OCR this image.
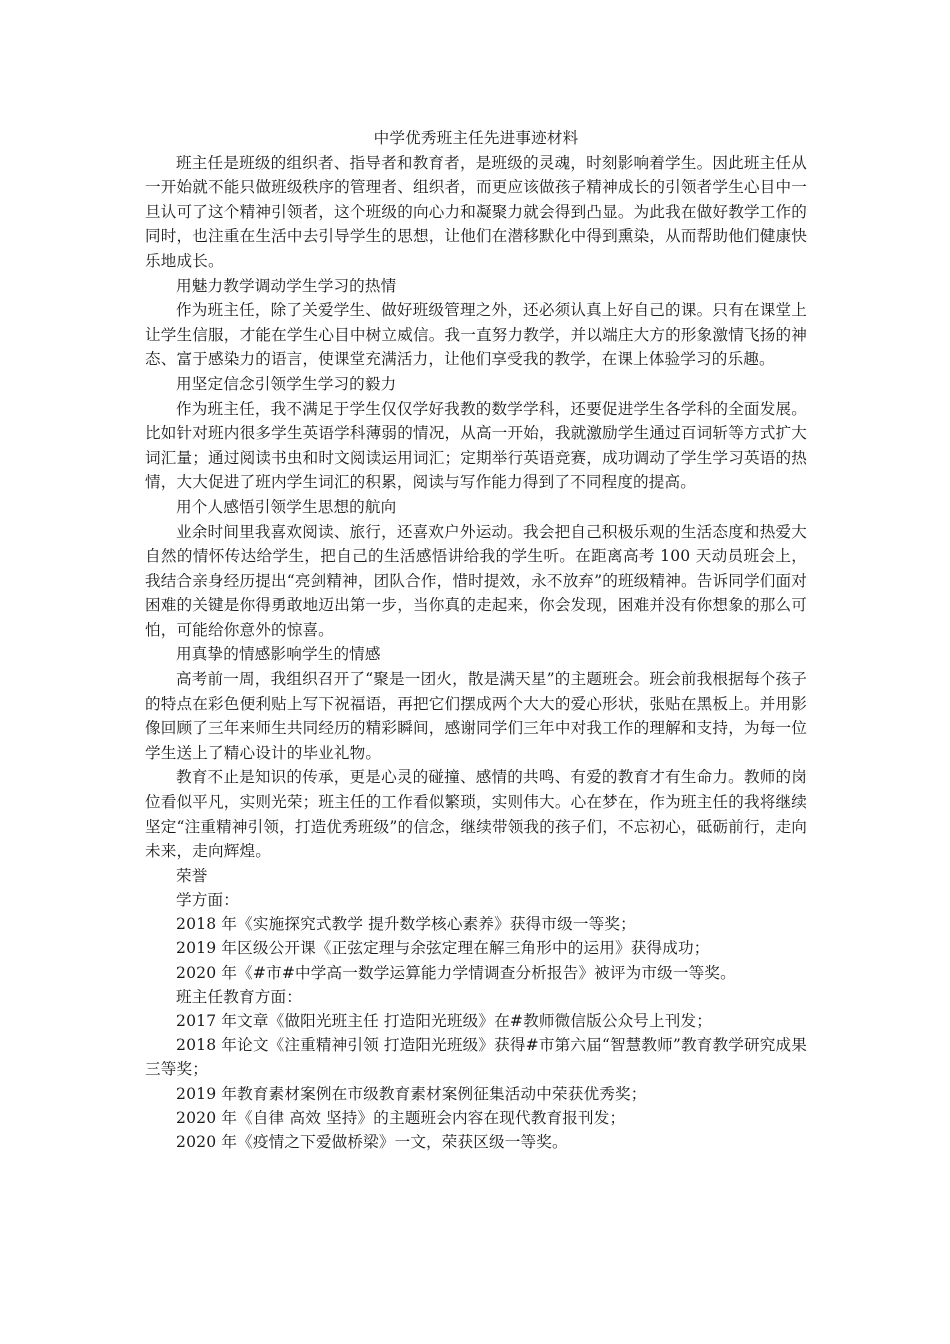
中学优秀班主任先进事迹材料

班主任是班级的组织者、指导者和教育者，是班级的灵魂，时刻影响着学生。因此班主任从一开始就不能只做班级秩序的管理者、组织者，而更应该做孩子精神成长的引领者学生心目中一旦认可了这个精神引领者，这个班级的向心力和凝聚力就会得到凸显。为此我在做好教学工作的同时，也注重在生活中去引导学生的思想，让他们在潜移默化中得到熏染，从而帮助他们健康快乐地成长。

用魅力教学调动学生学习的热情

作为班主任，除了关爱学生、做好班级管理之外，还必须认真上好自己的课。只有在课堂上让学生信服，才能在学生心目中树立威信。我一直努力教学，并以端庄大方的形象激情飞扬的神态、富于感染力的语言，使课堂充满活力，让他们享受我的教学，在课上体验学习的乐趣。

用坚定信念引领学生学习的毅力

作为班主任，我不满足于学生仅仅学好我教的数学学科，还要促进学生各学科的全面发展。比如针对班内很多学生英语学科薄弱的情况，从高一开始，我就激励学生通过百词斩等方式扩大词汇量；通过阅读书虫和时文阅读运用词汇；定期举行英语竞赛，成功调动了学生学习英语的热情，大大促进了班内学生词汇的积累，阅读与写作能力得到了不同程度的提高。

用个人感悟引领学生思想的航向

业余时间里我喜欢阅读、旅行，还喜欢户外运动。我会把自己积极乐观的生活态度和热爱大自然的情怀传达给学生，把自己的生活感悟讲给我的学生听。在距离高考 100 天动员班会上，我结合亲身经历提出“亮剑精神，团队合作，惜时提效，永不放弃”的班级精神。告诉同学们面对困难的关键是你得勇敢地迈出第一步，当你真的走起来，你会发现，困难并没有你想象的那么可怕，可能给你意外的惊喜。

用真挚的情感影响学生的情感

高考前一周，我组织召开了“聚是一团火，散是满天星”的主题班会。班会前我根据每个孩子的特点在彩色便利贴上写下祝福语，再把它们摆成两个大大的爱心形状，张贴在黑板上。并用影像回顾了三年来师生共同经历的精彩瞬间，感谢同学们三年中对我工作的理解和支持，为每一位学生送上了精心设计的毕业礼物。

教育不止是知识的传承，更是心灵的碰撞、感情的共鸣、有爱的教育才有生命力。教师的岗位看似平凡，实则光荣；班主任的工作看似繁琐，实则伟大。心在梦在，作为班主任的我将继续坚定“注重精神引领，打造优秀班级”的信念，继续带领我的孩子们，不忘初心，砥砺前行，走向未来，走向辉煌。

荣誉

学方面：

2018 年《实施探究式教学 提升数学核心素养》获得市级一等奖；

2019 年区级公开课《正弦定理与余弦定理在解三角形中的运用》获得成功；

2020 年《#市#中学高一数学运算能力学情调查分析报告》被评为市级一等奖。

班主任教育方面：

2017 年文章《做阳光班主任 打造阳光班级》在#教师微信版公众号上刊发；

2018 年论文《注重精神引领 打造阳光班级》获得#市第六届“智慧教师”教育教学研究成果三等奖；

2019 年教育素材案例在市级教育素材案例征集活动中荣获优秀奖；

2020 年《自律 高效 坚持》的主题班会内容在现代教育报刊发；

2020 年《疫情之下爱做桥梁》一文，荣获区级一等奖。
